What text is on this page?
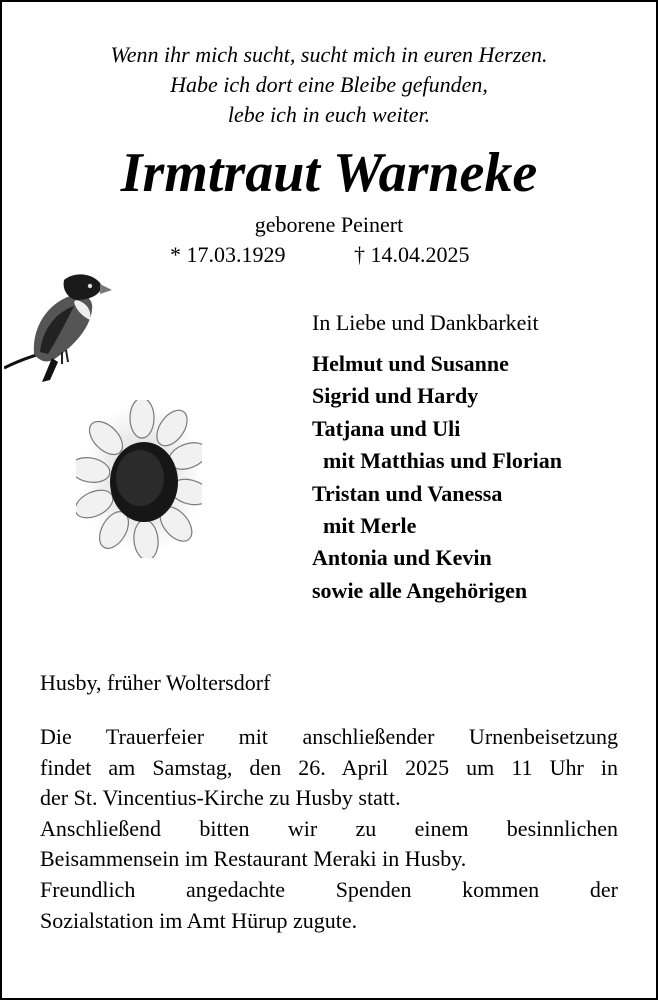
Wenn ihr mich sucht, sucht mich in euren Herzen.
Habe ich dort eine Bleibe gefunden,
lebe ich in euch weiter.
Irmtraut Warneke
geborene Peinert
* 17.03.1929	† 14.04.2025
In Liebe und Dankbarkeit
Helmut und Susanne
Sigrid und Hardy
Tatjana und Uli
mit Matthias und Florian
Tristan und Vanessa
mit Merle
Antonia und Kevin
sowie alle Angehörigen
Husby, früher Woltersdorf
Die Trauerfeier mit anschließender Urnenbeisetzung
findet am Samstag, den 26. April 2025 um 11 Uhr in
der St. Vincentius-Kirche zu Husby statt.
Anschließend bitten wir zu einem besinnlichen
Beisammensein im Restaurant Meraki in Husby.
Freundlich angedachte Spenden kommen der
Sozialstation im Amt Hürup zugute.
